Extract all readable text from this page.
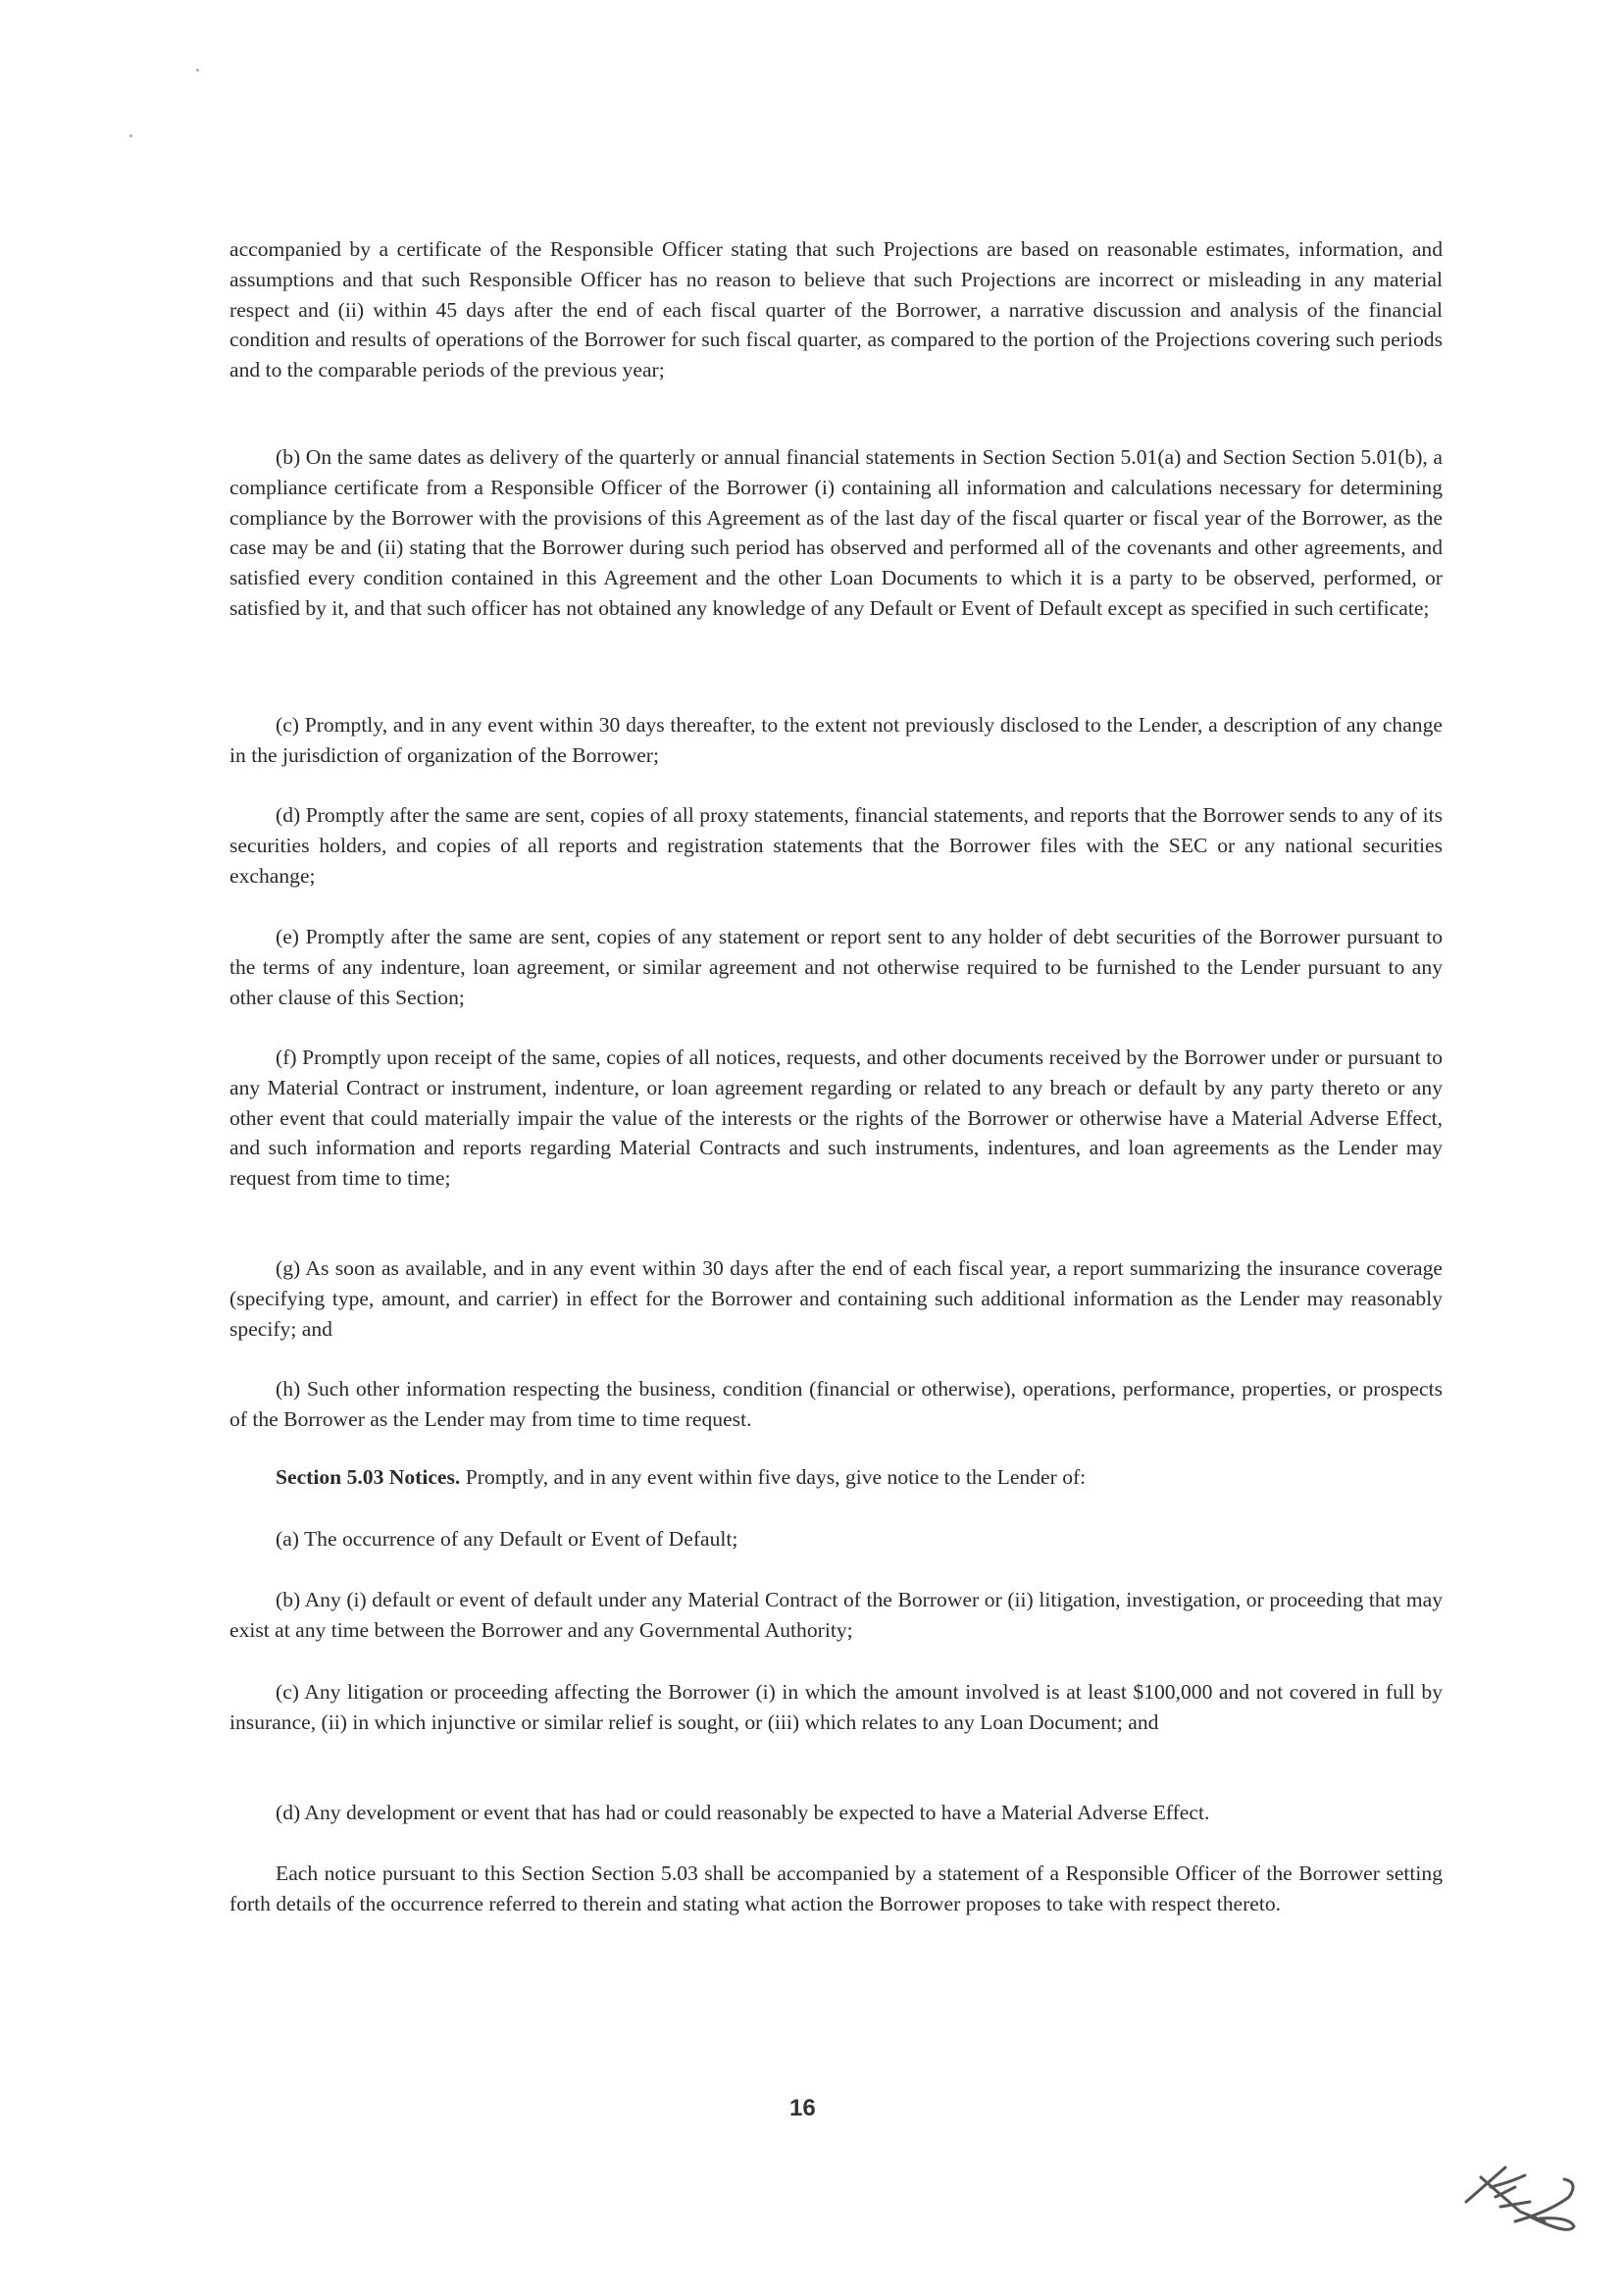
accompanied by a certificate of the Responsible Officer stating that such Projections are based on reasonable estimates, information, and assumptions and that such Responsible Officer has no reason to believe that such Projections are incorrect or misleading in any material respect and (ii) within 45 days after the end of each fiscal quarter of the Borrower, a narrative discussion and analysis of the financial condition and results of operations of the Borrower for such fiscal quarter, as compared to the portion of the Projections covering such periods and to the comparable periods of the previous year;

(b) On the same dates as delivery of the quarterly or annual financial statements in Section Section 5.01(a) and Section Section 5.01(b), a compliance certificate from a Responsible Officer of the Borrower (i) containing all information and calculations necessary for determining compliance by the Borrower with the provisions of this Agreement as of the last day of the fiscal quarter or fiscal year of the Borrower, as the case may be and (ii) stating that the Borrower during such period has observed and performed all of the covenants and other agreements, and satisfied every condition contained in this Agreement and the other Loan Documents to which it is a party to be observed, performed, or satisfied by it, and that such officer has not obtained any knowledge of any Default or Event of Default except as specified in such certificate;

(c) Promptly, and in any event within 30 days thereafter, to the extent not previously disclosed to the Lender, a description of any change in the jurisdiction of organization of the Borrower;

(d) Promptly after the same are sent, copies of all proxy statements, financial statements, and reports that the Borrower sends to any of its securities holders, and copies of all reports and registration statements that the Borrower files with the SEC or any national securities exchange;

(e) Promptly after the same are sent, copies of any statement or report sent to any holder of debt securities of the Borrower pursuant to the terms of any indenture, loan agreement, or similar agreement and not otherwise required to be furnished to the Lender pursuant to any other clause of this Section;

(f) Promptly upon receipt of the same, copies of all notices, requests, and other documents received by the Borrower under or pursuant to any Material Contract or instrument, indenture, or loan agreement regarding or related to any breach or default by any party thereto or any other event that could materially impair the value of the interests or the rights of the Borrower or otherwise have a Material Adverse Effect, and such information and reports regarding Material Contracts and such instruments, indentures, and loan agreements as the Lender may request from time to time;

(g) As soon as available, and in any event within 30 days after the end of each fiscal year, a report summarizing the insurance coverage (specifying type, amount, and carrier) in effect for the Borrower and containing such additional information as the Lender may reasonably specify; and

(h) Such other information respecting the business, condition (financial or otherwise), operations, performance, properties, or prospects of the Borrower as the Lender may from time to time request.

Section 5.03 Notices. Promptly, and in any event within five days, give notice to the Lender of:

(a) The occurrence of any Default or Event of Default;

(b) Any (i) default or event of default under any Material Contract of the Borrower or (ii) litigation, investigation, or proceeding that may exist at any time between the Borrower and any Governmental Authority;

(c) Any litigation or proceeding affecting the Borrower (i) in which the amount involved is at least $100,000 and not covered in full by insurance, (ii) in which injunctive or similar relief is sought, or (iii) which relates to any Loan Document; and

(d) Any development or event that has had or could reasonably be expected to have a Material Adverse Effect.

Each notice pursuant to this Section Section 5.03 shall be accompanied by a statement of a Responsible Officer of the Borrower setting forth details of the occurrence referred to therein and stating what action the Borrower proposes to take with respect thereto.

16
